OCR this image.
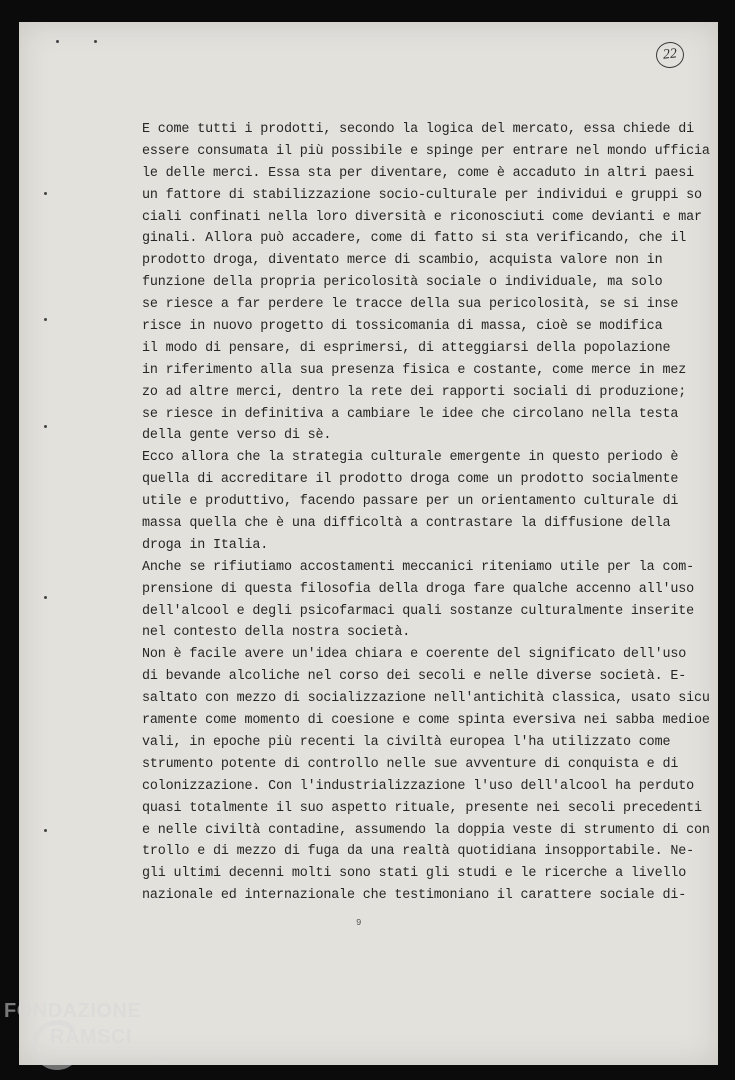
22
E come tutti i prodotti, secondo la logica del mercato, essa chiede di
essere consumata il più possibile e spinge per entrare nel mondo ufficia
le delle merci. Essa sta per diventare, come è accaduto in altri paesi
un fattore di stabilizzazione socio-culturale per individui e gruppi so
ciali confinati nella loro diversità e riconosciuti come devianti e mar
ginali. Allora può accadere, come di fatto si sta verificando, che il
prodotto droga, diventato merce di scambio, acquista valore non in
funzione della propria pericolosità sociale o individuale, ma solo
se riesce a far perdere le tracce della sua pericolosità, se si inse
risce in nuovo progetto di tossicomania di massa, cioè se modifica
il modo di pensare, di esprimersi, di atteggiarsi della popolazione
in riferimento alla sua presenza fisica e costante, come merce in mez
zo ad altre merci, dentro la rete dei rapporti sociali di produzione;
se riesce in definitiva a cambiare le idee che circolano nella testa
della gente verso di sè.
Ecco allora che la strategia culturale emergente in questo periodo è
quella di accreditare il prodotto droga come un prodotto socialmente
utile e produttivo, facendo passare per un orientamento culturale di
massa quella che è una difficoltà a contrastare la diffusione della
droga in Italia.
Anche se rifiutiamo accostamenti meccanici riteniamo utile per la com-
prensione di questa filosofia della droga fare qualche accenno all'uso
dell'alcool e degli psicofarmaci quali sostanze culturalmente inserite
nel contesto della nostra società.
Non è facile avere un'idea chiara e coerente del significato dell'uso
di bevande alcoliche nel corso dei secoli e nelle diverse società. E-
saltato con mezzo di socializzazione nell'antichità classica, usato sicu
ramente come momento di coesione e come spinta eversiva nei sabba medioe
vali, in epoche più recenti la civiltà europea l'ha utilizzato come
strumento potente di controllo nelle sue avventure di conquista e di
colonizzazione. Con l'industrializzazione l'uso dell'alcool ha perduto
quasi totalmente il suo aspetto rituale, presente nei secoli precedenti
e nelle civiltà contadine, assumendo la doppia veste di strumento di con
trollo e di mezzo di fuga da una realtà quotidiana insopportabile. Ne-
gli ultimi decenni molti sono stati gli studi e le ricerche a livello
nazionale ed internazionale che testimoniano il carattere sociale di-
9
FONDAZIONE
RAMSCI
onlus
